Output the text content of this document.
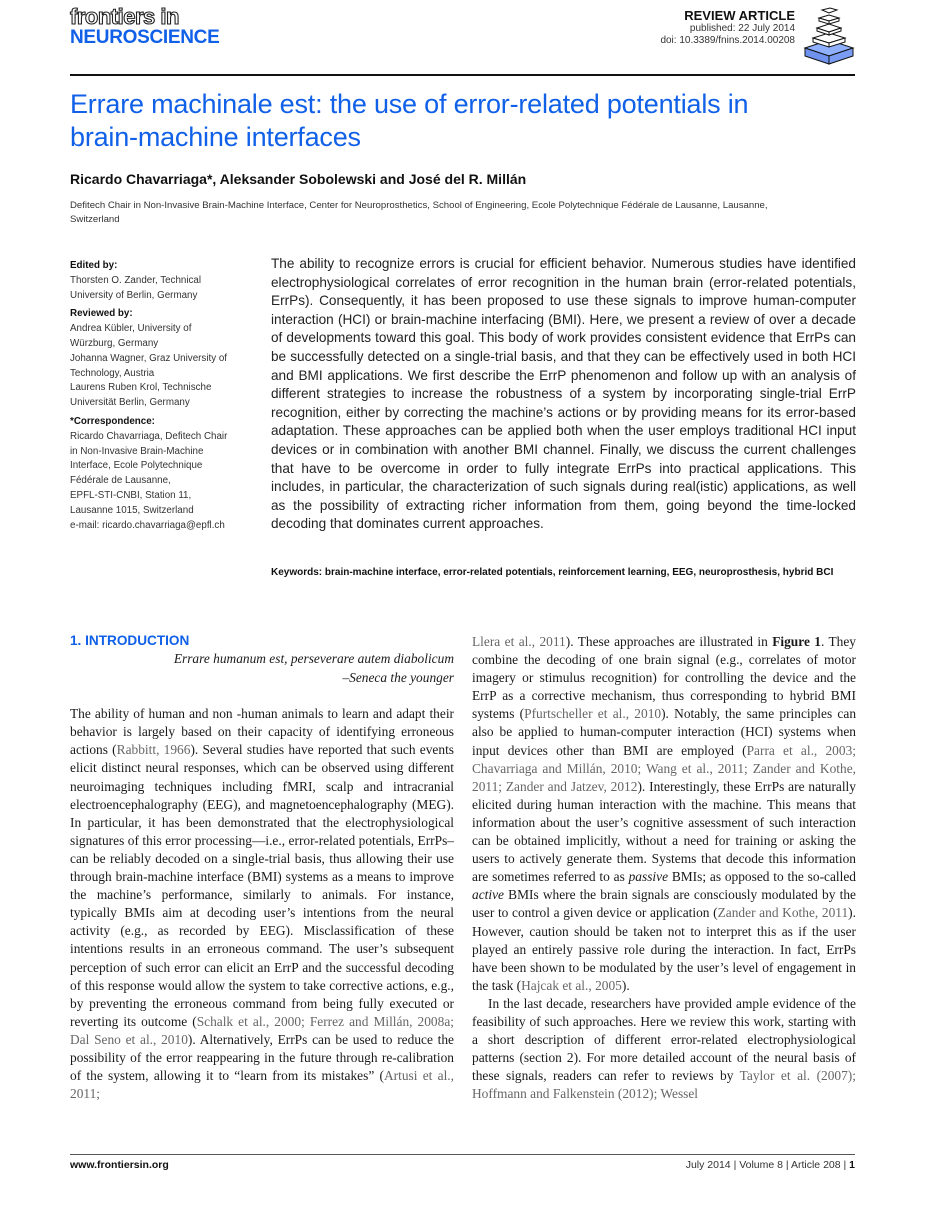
frontiers in
NEUROSCIENCE
REVIEW ARTICLE
published: 22 July 2014
doi: 10.3389/fnins.2014.00208
Errare machinale est: the use of error-related potentials in
brain-machine interfaces
Ricardo Chavarriaga*, Aleksander Sobolewski and José del R. Millán
Defitech Chair in Non-Invasive Brain-Machine Interface, Center for Neuroprosthetics, School of Engineering, Ecole Polytechnique Fédérale de Lausanne, Lausanne,
Switzerland
Edited by:
Thorsten O. Zander, Technical
University of Berlin, Germany
Reviewed by:
Andrea Kübler, University of
Würzburg, Germany
Johanna Wagner, Graz University of
Technology, Austria
Laurens Ruben Krol, Technische
Universität Berlin, Germany
*Correspondence:
Ricardo Chavarriaga, Defitech Chair
in Non-Invasive Brain-Machine
Interface, Ecole Polytechnique
Fédérale de Lausanne,
EPFL-STI-CNBI, Station 11,
Lausanne 1015, Switzerland
e-mail: ricardo.chavarriaga@epfl.ch

The ability to recognize errors is crucial for efficient behavior. Numerous studies have identified electrophysiological correlates of error recognition in the human brain (error-related potentials, ErrPs). Consequently, it has been proposed to use these signals to improve human-computer interaction (HCI) or brain-machine interfacing (BMI). Here, we present a review of over a decade of developments toward this goal. This body of work provides consistent evidence that ErrPs can be successfully detected on a single-trial basis, and that they can be effectively used in both HCI and BMI applications. We first describe the ErrP phenomenon and follow up with an analysis of different strategies to increase the robustness of a system by incorporating single-trial ErrP recognition, either by correcting the machine’s actions or by providing means for its error-based adaptation. These approaches can be applied both when the user employs traditional HCI input devices or in combination with another BMI channel. Finally, we discuss the current challenges that have to be overcome in order to fully integrate ErrPs into practical applications. This includes, in particular, the characterization of such signals during real(istic) applications, as well as the possibility of extracting richer information from them, going beyond the time-locked decoding that dominates current approaches.

Keywords: brain-machine interface, error-related potentials, reinforcement learning, EEG, neuroprosthesis, hybrid BCI

1. INTRODUCTION
Errare humanum est, perseverare autem diabolicum
–Seneca the younger

The ability of human and non -human animals to learn and adapt their behavior is largely based on their capacity of identifying erroneous actions (Rabbitt, 1966). Several studies have reported that such events elicit distinct neural responses, which can be observed using different neuroimaging techniques including fMRI, scalp and intracranial electroencephalography (EEG), and magnetoencephalography (MEG). In particular, it has been demonstrated that the electrophysiological signatures of this error processing—i.e., error-related potentials, ErrPs– can be reliably decoded on a single-trial basis, thus allowing their use through brain-machine interface (BMI) systems as a means to improve the machine’s performance, similarly to animals. For instance, typically BMIs aim at decoding user’s intentions from the neural activity (e.g., as recorded by EEG). Misclassification of these intentions results in an erroneous command. The user’s subsequent perception of such error can elicit an ErrP and the successful decoding of this response would allow the system to take corrective actions, e.g., by preventing the erroneous command from being fully executed or reverting its outcome (Schalk et al., 2000; Ferrez and Millán, 2008a; Dal Seno et al., 2010). Alternatively, ErrPs can be used to reduce the possibility of the error reappearing in the future through re-calibration of the system, allowing it to “learn from its mistakes” (Artusi et al., 2011;

Llera et al., 2011). These approaches are illustrated in Figure 1. They combine the decoding of one brain signal (e.g., correlates of motor imagery or stimulus recognition) for controlling the device and the ErrP as a corrective mechanism, thus corresponding to hybrid BMI systems (Pfurtscheller et al., 2010). Notably, the same principles can also be applied to human-computer interaction (HCI) systems when input devices other than BMI are employed (Parra et al., 2003; Chavarriaga and Millán, 2010; Wang et al., 2011; Zander and Kothe, 2011; Zander and Jatzev, 2012). Interestingly, these ErrPs are naturally elicited during human interaction with the machine. This means that information about the user’s cognitive assessment of such interaction can be obtained implicitly, without a need for training or asking the users to actively generate them. Systems that decode this information are sometimes referred to as passive BMIs; as opposed to the so-called active BMIs where the brain signals are consciously modulated by the user to control a given device or application (Zander and Kothe, 2011). However, caution should be taken not to interpret this as if the user played an entirely passive role during the interaction. In fact, ErrPs have been shown to be modulated by the user’s level of engagement in the task (Hajcak et al., 2005).

In the last decade, researchers have provided ample evidence of the feasibility of such approaches. Here we review this work, starting with a short description of different error-related electrophysiological patterns (section 2). For more detailed account of the neural basis of these signals, readers can refer to reviews by Taylor et al. (2007); Hoffmann and Falkenstein (2012); Wessel

www.frontiersin.org	July 2014 | Volume 8 | Article 208 | 1
